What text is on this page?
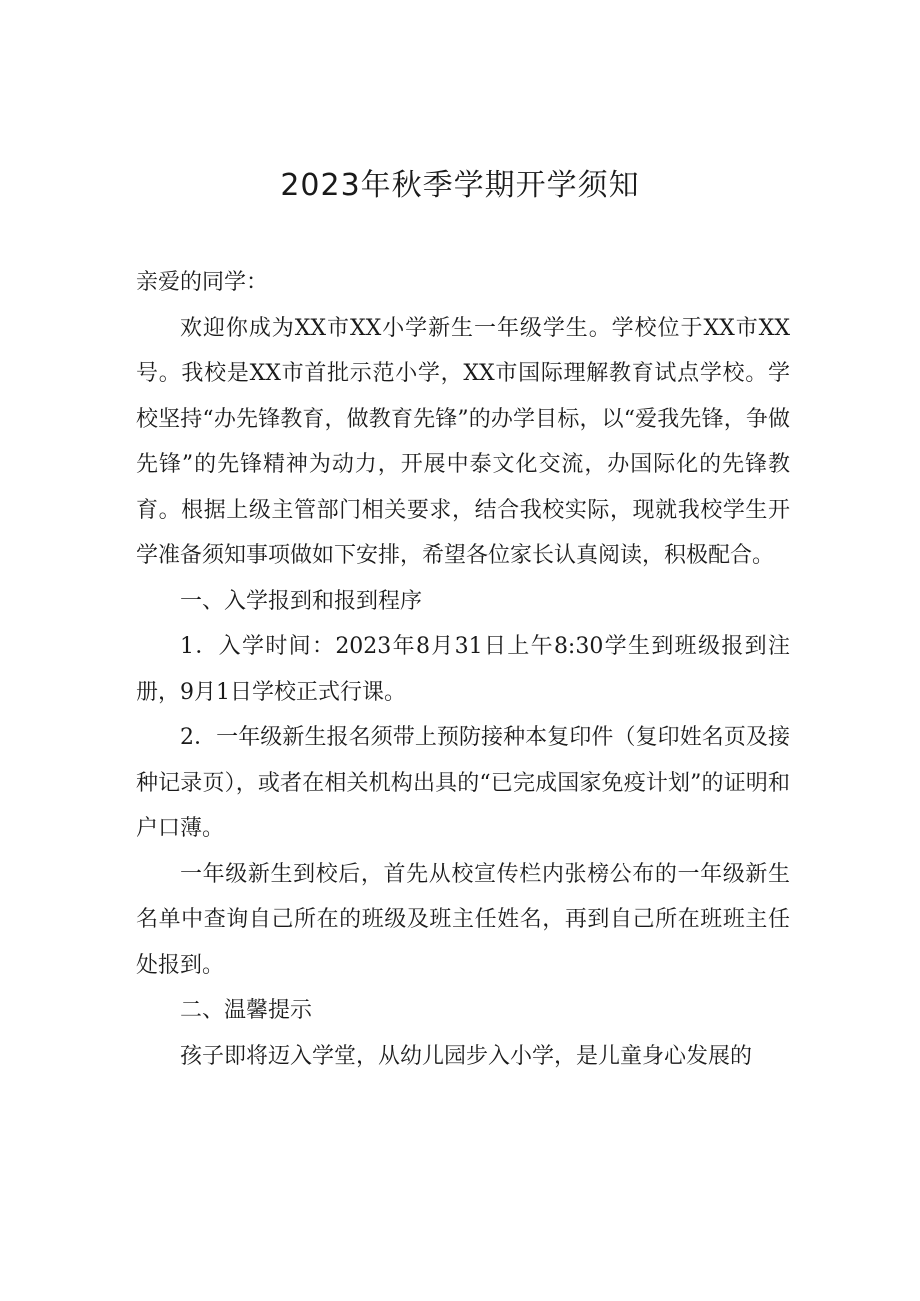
2023年秋季学期开学须知

亲爱的同学：

欢迎你成为XX市XX小学新生一年级学生。学校位于XX市XX号。我校是XX市首批示范小学，XX市国际理解教育试点学校。学校坚持“办先锋教育，做教育先锋”的办学目标，以“爱我先锋，争做先锋”的先锋精神为动力，开展中泰文化交流，办国际化的先锋教育。根据上级主管部门相关要求，结合我校实际，现就我校学生开学准备须知事项做如下安排，希望各位家长认真阅读，积极配合。

一、入学报到和报到程序

1．入学时间：2023年8月31日上午8:30学生到班级报到注册，9月1日学校正式行课。

2．一年级新生报名须带上预防接种本复印件（复印姓名页及接种记录页），或者在相关机构出具的“已完成国家免疫计划”的证明和户口薄。

一年级新生到校后，首先从校宣传栏内张榜公布的一年级新生名单中查询自己所在的班级及班主任姓名，再到自己所在班班主任处报到。

二、温馨提示

孩子即将迈入学堂，从幼儿园步入小学，是儿童身心发展的
